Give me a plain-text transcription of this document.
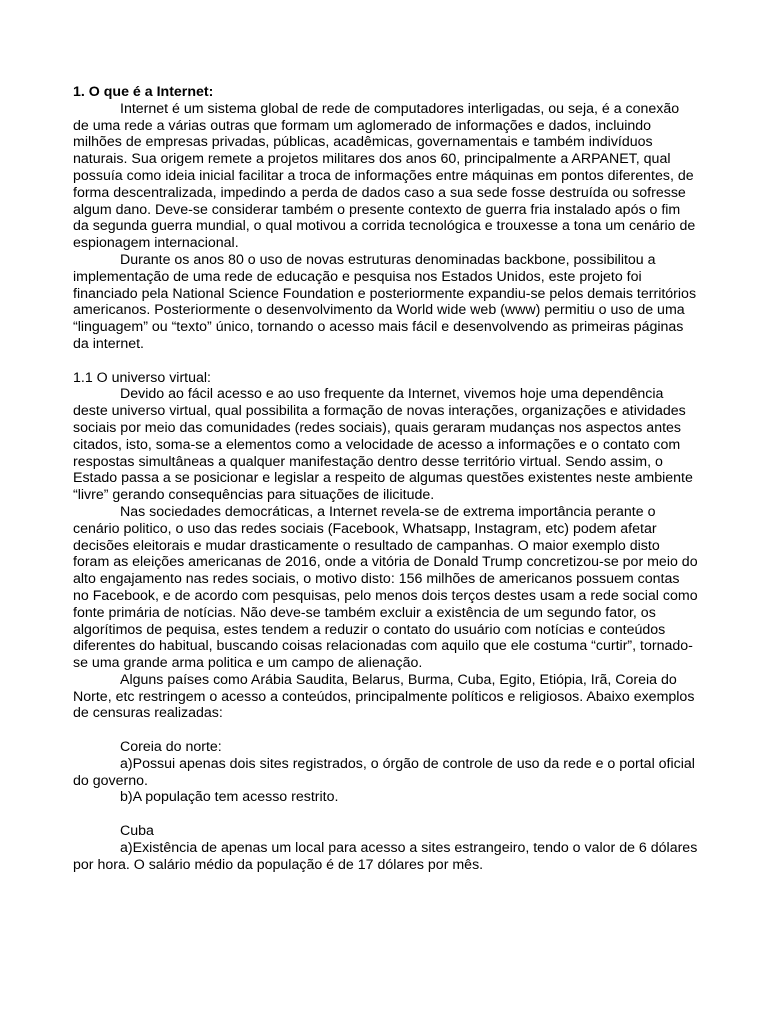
1. O que é a Internet:

Internet é um sistema global de rede de computadores interligadas, ou seja, é a conexão de uma rede a várias outras que formam um aglomerado de informações e dados, incluindo milhões de empresas privadas, públicas, acadêmicas, governamentais e também indivíduos naturais. Sua origem remete a projetos militares dos anos 60, principalmente a ARPANET, qual possuía como ideia inicial facilitar a troca de informações entre máquinas em pontos diferentes, de forma descentralizada, impedindo a perda de dados caso a sua sede fosse destruída ou sofresse algum dano. Deve-se considerar também o presente contexto de guerra fria instalado após o fim da segunda guerra mundial, o qual motivou a corrida tecnológica e trouxesse a tona um cenário de espionagem internacional.

Durante os anos 80 o uso de novas estruturas denominadas backbone, possibilitou a implementação de uma rede de educação e pesquisa nos Estados Unidos, este projeto foi financiado pela National Science Foundation e posteriormente expandiu-se pelos demais territórios americanos. Posteriormente o desenvolvimento da World wide web (www) permitiu o uso de uma “linguagem” ou “texto” único, tornando o acesso mais fácil e desenvolvendo as primeiras páginas da internet.

1.1 O universo virtual:

Devido ao fácil acesso e ao uso frequente da Internet, vivemos hoje uma dependência deste universo virtual, qual possibilita a formação de novas interações, organizações e atividades sociais por meio das comunidades (redes sociais), quais geraram mudanças nos aspectos antes citados, isto, soma-se a elementos como a velocidade de acesso a informações e o contato com respostas simultâneas a qualquer manifestação dentro desse território virtual. Sendo assim, o Estado passa a se posicionar e legislar a respeito de algumas questões existentes neste ambiente “livre” gerando consequências para situações de ilicitude.

Nas sociedades democráticas, a Internet revela-se de extrema importância perante o cenário politico, o uso das redes sociais (Facebook, Whatsapp, Instagram, etc) podem afetar decisões eleitorais e mudar drasticamente o resultado de campanhas. O maior exemplo disto foram as eleições americanas de 2016, onde a vitória de Donald Trump concretizou-se por meio do alto engajamento nas redes sociais, o motivo disto: 156 milhões de americanos possuem contas no Facebook, e de acordo com pesquisas, pelo menos dois terços destes usam a rede social como fonte primária de notícias. Não deve-se também excluir a existência de um segundo fator, os algorítimos de pequisa, estes tendem a reduzir o contato do usuário com notícias e conteúdos diferentes do habitual, buscando coisas relacionadas com aquilo que ele costuma “curtir”, tornado-se uma grande arma politica e um campo de alienação.

Alguns países como Arábia Saudita, Belarus, Burma, Cuba, Egito, Etiópia, Irã, Coreia do Norte, etc restringem o acesso a conteúdos, principalmente políticos e religiosos. Abaixo exemplos de censuras realizadas:

Coreia do norte:

a)Possui apenas dois sites registrados, o órgão de controle de uso da rede e o portal oficial do governo.

b)A população tem acesso restrito.

Cuba

a)Existência de apenas um local para acesso a sites estrangeiro, tendo o valor de 6 dólares por hora. O salário médio da população é de 17 dólares por mês.
